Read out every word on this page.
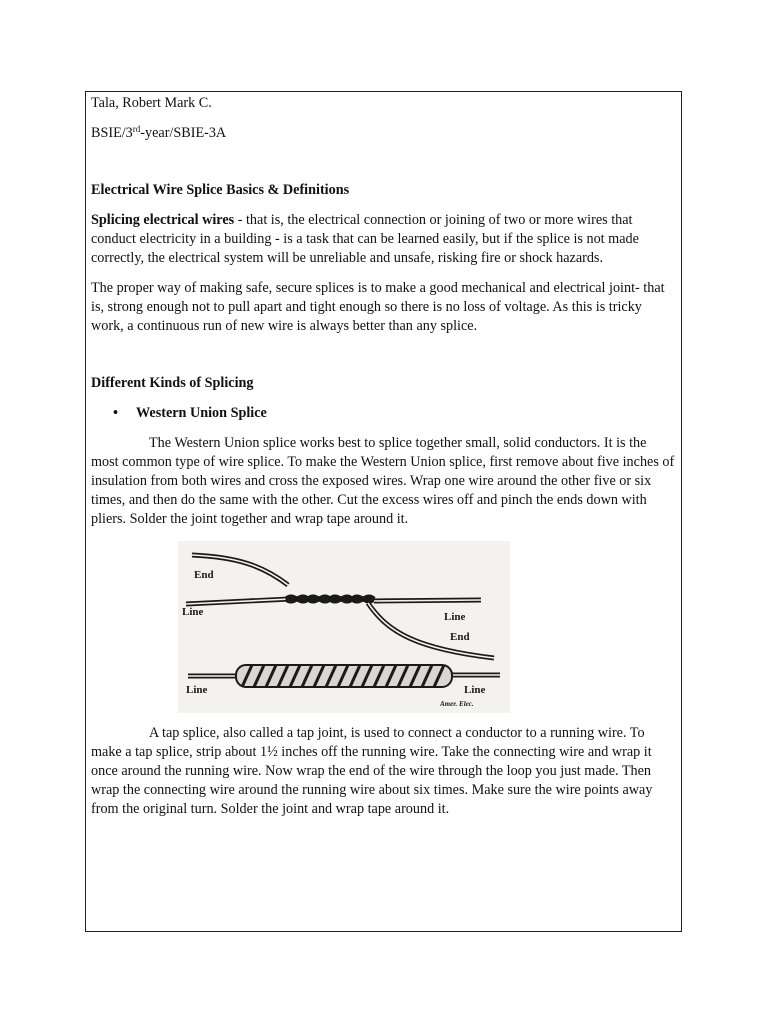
Tala, Robert Mark C.

BSIE/3rd-year/SBIE-3A

Electrical Wire Splice Basics & Definitions

Splicing electrical wires - that is, the electrical connection or joining of two or more wires that conduct electricity in a building - is a task that can be learned easily, but if the splice is not made correctly, the electrical system will be unreliable and unsafe, risking fire or shock hazards.

The proper way of making safe, secure splices is to make a good mechanical and electrical joint- that is, strong enough not to pull apart and tight enough so there is no loss of voltage. As this is tricky work, a continuous run of new wire is always better than any splice.

Different Kinds of Splicing

• Western Union Splice

The Western Union splice works best to splice together small, solid conductors. It is the most common type of wire splice. To make the Western Union splice, first remove about five inches of insulation from both wires and cross the exposed wires. Wrap one wire around the other five or six times, and then do the same with the other. Cut the excess wires off and pinch the ends down with pliers. Solder the joint together and wrap tape around it.

End
Line	Line
End
Line	Line
Amer. Elec.

A tap splice, also called a tap joint, is used to connect a conductor to a running wire. To make a tap splice, strip about 1½ inches off the running wire. Take the connecting wire and wrap it once around the running wire. Now wrap the end of the wire through the loop you just made. Then wrap the connecting wire around the running wire about six times. Make sure the wire points away from the original turn. Solder the joint and wrap tape around it.
